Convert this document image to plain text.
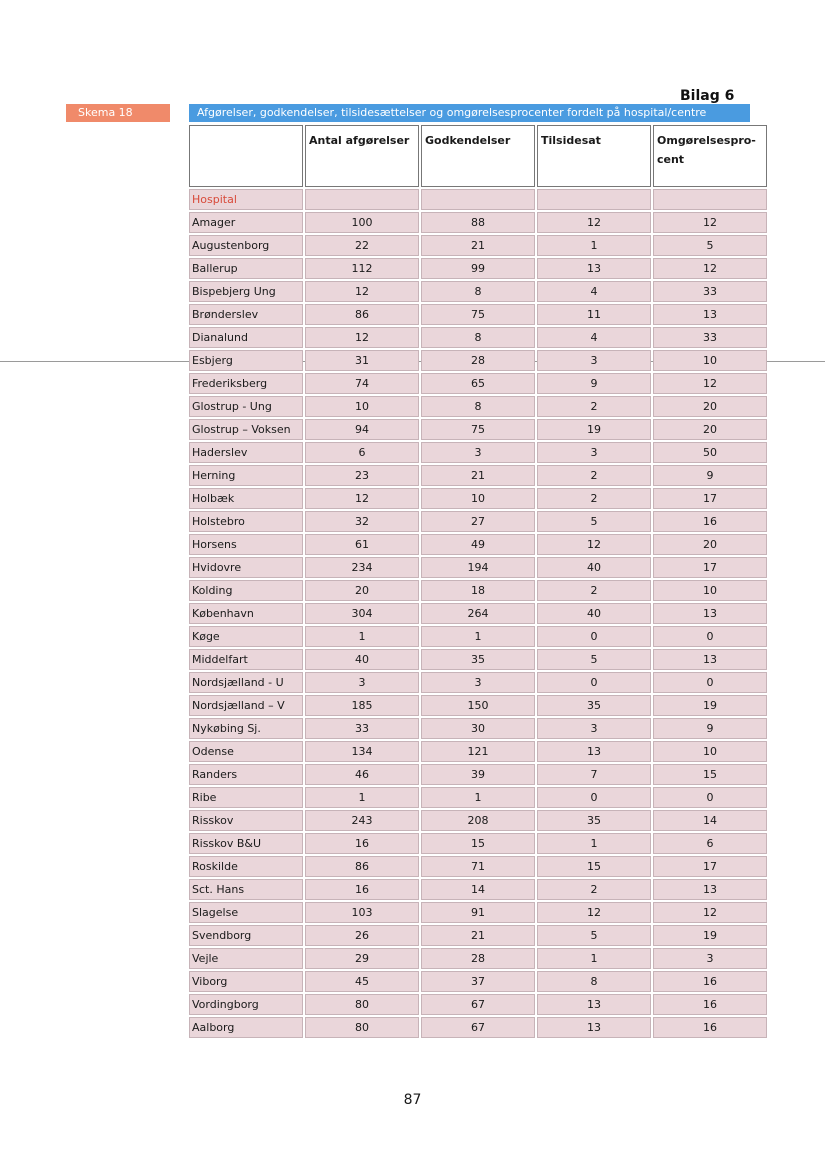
Bilag 6
Skema 18	Afgørelser, godkendelser, tilsidesættelser og omgørelsesprocenter fordelt på hospital/centre
	Antal afgørelser	Godkendelser	Tilsidesat	Omgørelsespro-cent
Hospital				
Amager	100	88	12	12
Augustenborg	22	21	1	5
Ballerup	112	99	13	12
Bispebjerg Ung	12	8	4	33
Brønderslev	86	75	11	13
Dianalund	12	8	4	33
Esbjerg	31	28	3	10
Frederiksberg	74	65	9	12
Glostrup - Ung	10	8	2	20
Glostrup – Voksen	94	75	19	20
Haderslev	6	3	3	50
Herning	23	21	2	9
Holbæk	12	10	2	17
Holstebro	32	27	5	16
Horsens	61	49	12	20
Hvidovre	234	194	40	17
Kolding	20	18	2	10
København	304	264	40	13
Køge	1	1	0	0
Middelfart	40	35	5	13
Nordsjælland - U	3	3	0	0
Nordsjælland – V	185	150	35	19
Nykøbing Sj.	33	30	3	9
Odense	134	121	13	10
Randers	46	39	7	15
Ribe	1	1	0	0
Risskov	243	208	35	14
Risskov B&U	16	15	1	6
Roskilde	86	71	15	17
Sct. Hans	16	14	2	13
Slagelse	103	91	12	12
Svendborg	26	21	5	19
Vejle	29	28	1	3
Viborg	45	37	8	16
Vordingborg	80	67	13	16
Aalborg	80	67	13	16
87
